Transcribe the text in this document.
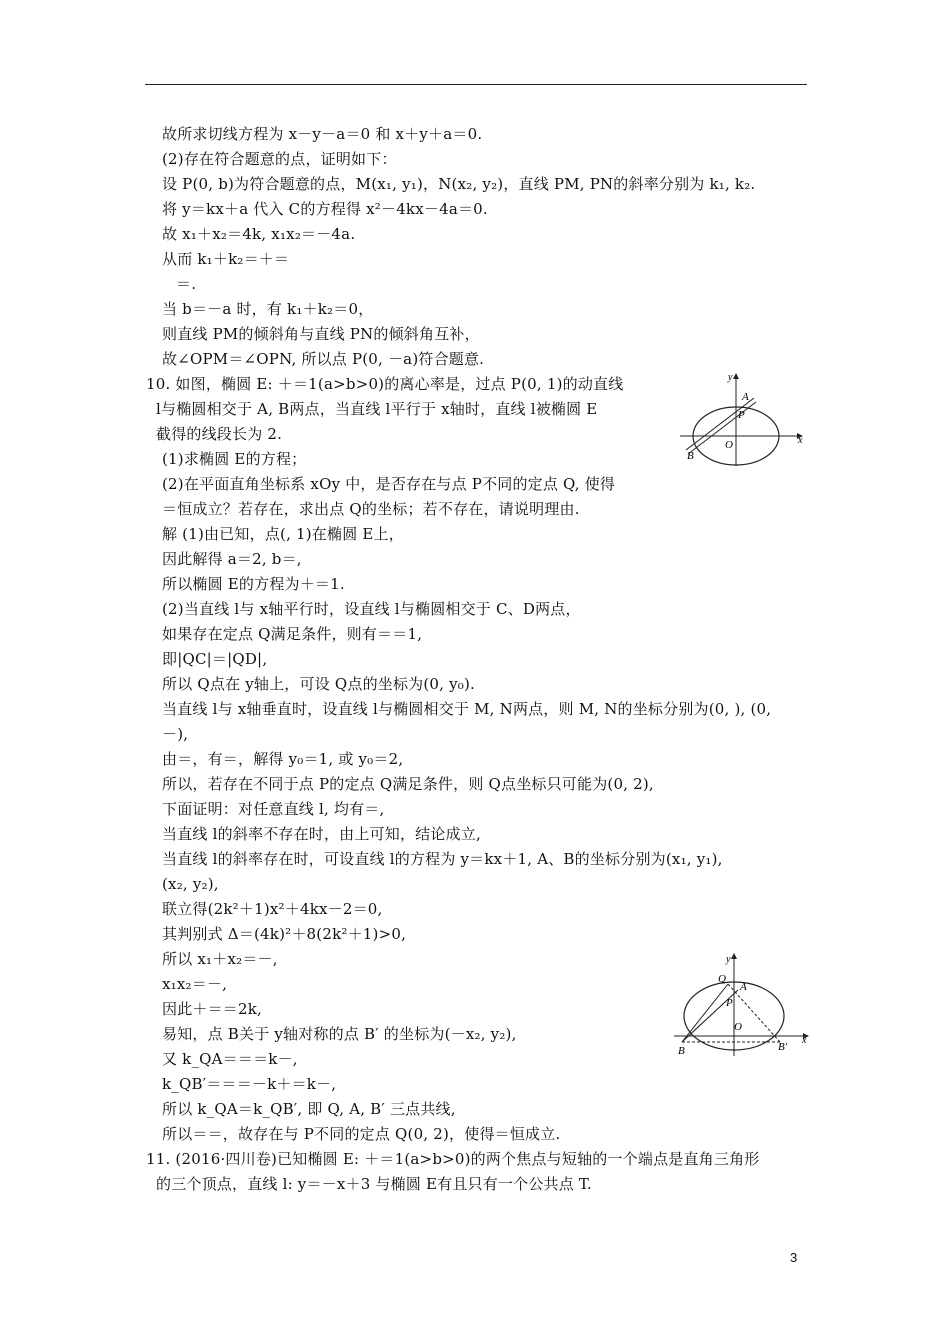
故所求切线方程为 x－y－a＝0 和 x＋y＋a＝0.
(2)存在符合题意的点，证明如下：
设 P(0, b)为符合题意的点，M(x₁, y₁)，N(x₂, y₂)，直线 PM, PN的斜率分别为 k₁, k₂.
将 y＝kx＋a 代入 C的方程得 x²－4kx－4a＝0.
故 x₁＋x₂＝4k, x₁x₂＝－4a.
从而 k₁＋k₂＝＋＝
＝.
当 b＝－a 时，有 k₁＋k₂＝0，
则直线 PM的倾斜角与直线 PN的倾斜角互补，
故∠OPM＝∠OPN, 所以点 P(0, －a)符合题意.
10. 如图，椭圆 E: ＋＝1(a>b>0)的离心率是，过点 P(0, 1)的动直线
l与椭圆相交于 A, B两点，当直线 l平行于 x轴时，直线 l被椭圆 E
截得的线段长为 2.
(1)求椭圆 E的方程；
(2)在平面直角坐标系 xOy 中，是否存在与点 P不同的定点 Q, 使得
＝恒成立？若存在，求出点 Q的坐标；若不存在，请说明理由.
解 (1)由已知，点(, 1)在椭圆 E上，
因此解得 a＝2, b＝,
所以椭圆 E的方程为＋＝1.
(2)当直线 l与 x轴平行时，设直线 l与椭圆相交于 C、D两点，
如果存在定点 Q满足条件，则有＝＝1,
即|QC|＝|QD|,
所以 Q点在 y轴上，可设 Q点的坐标为(0, y₀).
当直线 l与 x轴垂直时，设直线 l与椭圆相交于 M, N两点，则 M, N的坐标分别为(0, ), (0,
－),
由＝，有＝，解得 y₀＝1, 或 y₀＝2,
所以，若存在不同于点 P的定点 Q满足条件，则 Q点坐标只可能为(0, 2),
下面证明：对任意直线 l, 均有＝,
当直线 l的斜率不存在时，由上可知，结论成立,
当直线 l的斜率存在时，可设直线 l的方程为 y＝kx＋1, A、B的坐标分别为(x₁, y₁),
(x₂, y₂),
联立得(2k²＋1)x²＋4kx－2＝0,
其判别式 Δ＝(4k)²＋8(2k²＋1)>0,
所以 x₁＋x₂＝－,
x₁x₂＝－,
因此＋＝＝2k,
易知，点 B关于 y轴对称的点 B′ 的坐标为(－x₂, y₂),
又 k_QA＝＝＝k－,
k_QB′＝＝＝－k＋＝k－,
所以 k_QA＝k_QB′, 即 Q, A, B′ 三点共线,
所以＝＝，故存在与 P不同的定点 Q(0, 2)，使得＝恒成立.
11. (2016·四川卷)已知椭圆 E: ＋＝1(a>b>0)的两个焦点与短轴的一个端点是直角三角形
的三个顶点，直线 l: y＝－x＋3 与椭圆 E有且只有一个公共点 T.
y
x
A
P
O
B
y
x
Q
A
P
O
B	B′
3
